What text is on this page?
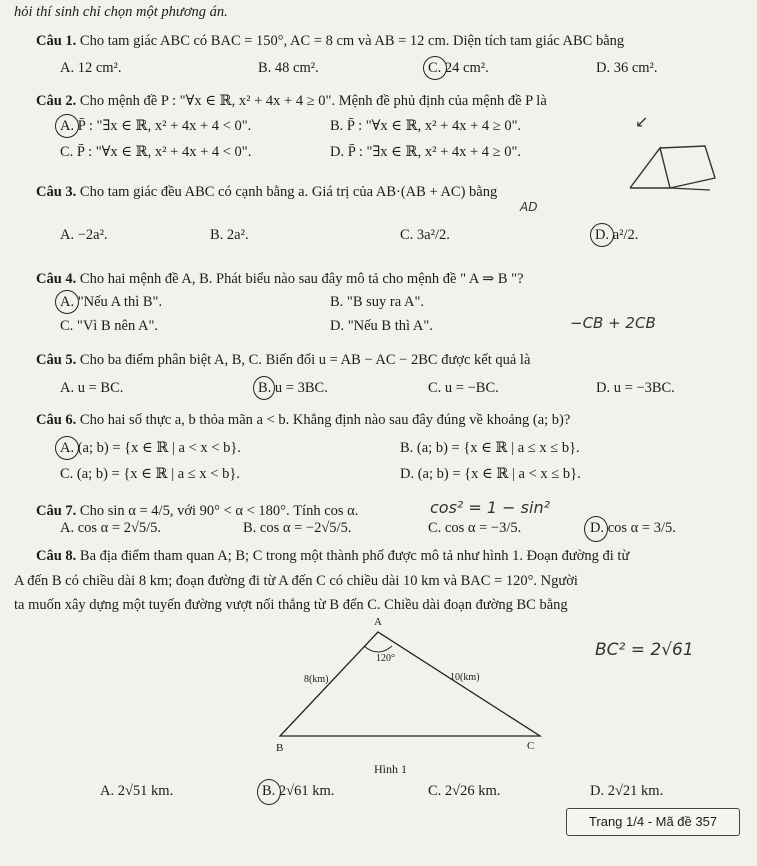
hỏi thí sinh chỉ chọn một phương án.
Câu 1. Cho tam giác ABC có BAC = 150°, AC = 8 cm và AB = 12 cm. Diện tích tam giác ABC bằng
A. 12 cm².	B. 48 cm².	C. 24 cm².	D. 36 cm².
Câu 2. Cho mệnh đề P : "∀x ∈ ℝ, x² + 4x + 4 ≥ 0". Mệnh đề phủ định của mệnh đề P là
A. P̄ : "∃x ∈ ℝ, x² + 4x + 4 < 0".	B. P̄ : "∀x ∈ ℝ, x² + 4x + 4 ≥ 0".	↙
C. P̄ : "∀x ∈ ℝ, x² + 4x + 4 < 0".	D. P̄ : "∃x ∈ ℝ, x² + 4x + 4 ≥ 0".
Câu 3. Cho tam giác đều ABC có cạnh bằng a. Giá trị của AB·(AB + AC) bằng
AD
A. −2a².	B. 2a².	C. 3a²/2.	D. a²/2.
Câu 4. Cho hai mệnh đề A, B. Phát biểu nào sau đây mô tả cho mệnh đề " A ⇒ B "?
A. "Nếu A thì B".	B. "B suy ra A".
C. "Vì B nên A".	D. "Nếu B thì A".	−CB + 2CB
Câu 5. Cho ba điểm phân biệt A, B, C. Biến đổi u = AB − AC − 2BC được kết quả là
A. u = BC.	B. u = 3BC.	C. u = −BC.	D. u = −3BC.
Câu 6. Cho hai số thực a, b thỏa mãn a < b. Khẳng định nào sau đây đúng về khoảng (a; b)?
A. (a; b) = {x ∈ ℝ | a < x < b}.	B. (a; b) = {x ∈ ℝ | a ≤ x ≤ b}.
C. (a; b) = {x ∈ ℝ | a ≤ x < b}.	D. (a; b) = {x ∈ ℝ | a < x ≤ b}.
Câu 7. Cho sin α = 4/5, với 90° < α < 180°. Tính cos α.	cos² = 1 − sin²
A. cos α = 2√5/5.	B. cos α = −2√5/5.	C. cos α = −3/5.	D. cos α = 3/5.
Câu 8. Ba địa điểm tham quan A; B; C trong một thành phố được mô tả như hình 1. Đoạn đường đi từ
A đến B có chiều dài 8 km; đoạn đường đi từ A đến C có chiều dài 10 km và BAC = 120°. Người
ta muốn xây dựng một tuyến đường vượt nối thẳng từ B đến C. Chiều dài đoạn đường BC bằng
A
120°
8(km)	10(km)
B	C
Hình 1
BC² = 2√61
A. 2√51 km.	B. 2√61 km.	C. 2√26 km.	D. 2√21 km.
Trang 1/4 - Mã đề 357
